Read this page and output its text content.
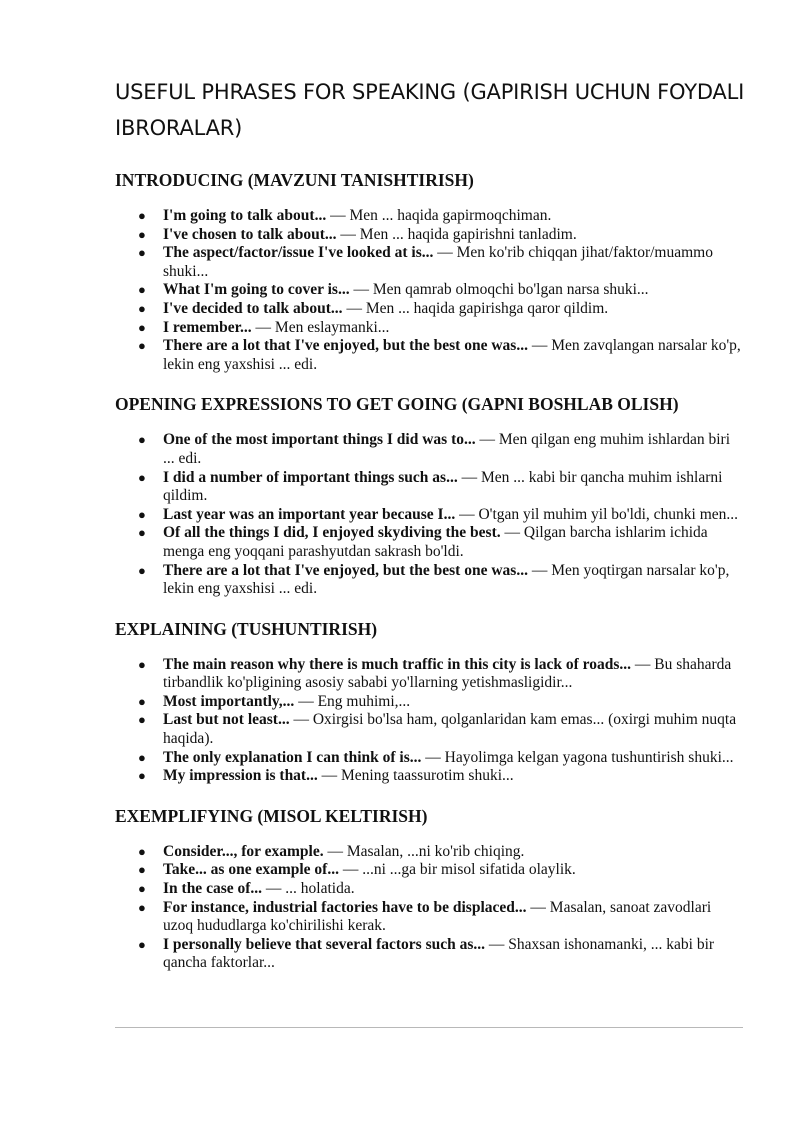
USEFUL PHRASES FOR SPEAKING (GAPIRISH UCHUN FOYDALI IBRORALAR)
INTRODUCING (MAVZUNI TANISHTIRISH)
● I'm going to talk about... — Men ... haqida gapirmoqchiman.
● I've chosen to talk about... — Men ... haqida gapirishni tanladim.
● The aspect/factor/issue I've looked at is... — Men ko'rib chiqqan jihat/faktor/muammo shuki...
● What I'm going to cover is... — Men qamrab olmoqchi bo'lgan narsa shuki...
● I've decided to talk about... — Men ... haqida gapirishga qaror qildim.
● I remember... — Men eslaymanki...
● There are a lot that I've enjoyed, but the best one was... — Men zavqlangan narsalar ko'p, lekin eng yaxshisi ... edi.
OPENING EXPRESSIONS TO GET GOING (GAPNI BOSHLAB OLISH)
● One of the most important things I did was to... — Men qilgan eng muhim ishlardan biri ... edi.
● I did a number of important things such as... — Men ... kabi bir qancha muhim ishlarni qildim.
● Last year was an important year because I... — O'tgan yil muhim yil bo'ldi, chunki men...
● Of all the things I did, I enjoyed skydiving the best. — Qilgan barcha ishlarim ichida menga eng yoqqani parashyutdan sakrash bo'ldi.
● There are a lot that I've enjoyed, but the best one was... — Men yoqtirgan narsalar ko'p, lekin eng yaxshisi ... edi.
EXPLAINING (TUSHUNTIRISH)
● The main reason why there is much traffic in this city is lack of roads... — Bu shaharda tirbandlik ko'pligining asosiy sababi yo'llarning yetishmasligidir...
● Most importantly,... — Eng muhimi,...
● Last but not least... — Oxirgisi bo'lsa ham, qolganlaridan kam emas... (oxirgi muhim nuqta haqida).
● The only explanation I can think of is... — Hayolimga kelgan yagona tushuntirish shuki...
● My impression is that... — Mening taassurotim shuki...
EXEMPLIFYING (MISOL KELTIRISH)
● Consider..., for example. — Masalan, ...ni ko'rib chiqing.
● Take... as one example of... — ...ni ...ga bir misol sifatida olaylik.
● In the case of... — ... holatida.
● For instance, industrial factories have to be displaced... — Masalan, sanoat zavodlari uzoq hududlarga ko'chirilishi kerak.
● I personally believe that several factors such as... — Shaxsan ishonamanki, ... kabi bir qancha faktorlar...
